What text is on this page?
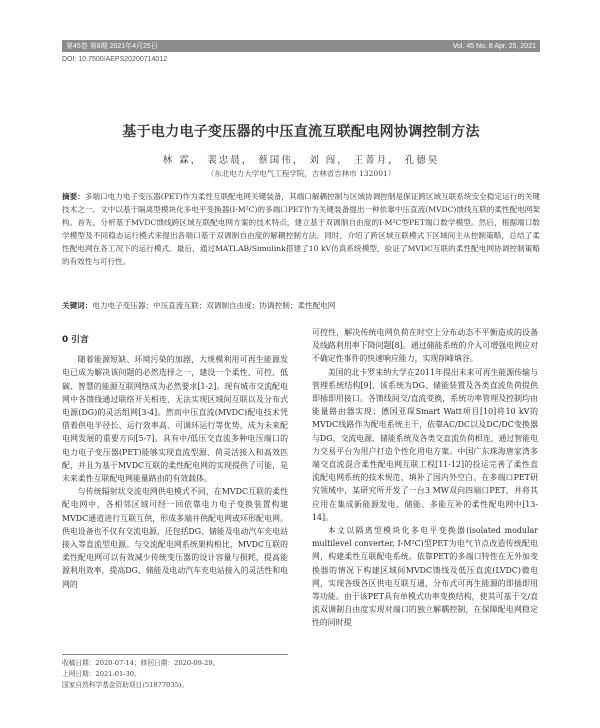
第45卷 第8期 2021年4月25日	Vol. 45 No. 8 Apr. 25, 2021
DOI: 10.7500/AEPS20200714012
基于电力电子变压器的中压直流互联配电网协调控制方法
林 霖， 裴忠晨， 蔡国伟， 刘 闯， 王菁月， 孔德昊
（东北电力大学电气工程学院，吉林省吉林市 132001）
摘要：多端口电力电子变压器(PET)作为柔性互联配电网关键装备，其端口解耦控制与区域协调控制是保证跨区域互联系统安全稳定运行的关键技术之一。文中以基于隔离型模块化多电平变换器(I-M²C)的多端口PET作为关键装备提出一种依靠中压直流(MVDC)馈线互联的柔性配电网架构。首先，分析基于MVDC馈线跨区域互联配电网方案的技术特点，建立基于双调制自由度的I-M²C型PET端口数学模型。然后，根据端口数学模型及不同稳态运行模式来提出各端口基于双调制自由度的解耦控制方法。同时，介绍了跨区域互联模式下区域间主从控制策略，总结了柔性配电网在各工况下的运行模式。最后，通过MATLAB/Simulink搭建了10 kV仿真系统模型，验证了MVDC互联的柔性配电网协调控制策略的有效性与可行性。
关键词：电力电子变压器；中压直流互联；双调制自由度；协调控制；柔性配电网
0 引言

随着能源短缺、环境污染的加剧，大规模利用可再生能源发电已成为解决该问题的必然选择之一，建设一个柔性、可控、低碳、智慧的能源互联网络成为必然要求[1-2]。现有城市交流配电网中各馈线通过联络开关相连，无法实现区域间互联以及分布式电源(DG)的灵活组网[3-4]。然而中压直流(MVDC)配电技术凭借着供电半径长、运行效率高、可调环运行等优势，成为未来配电网发展的重要方向[5-7]。具有中/低压交直流多种电压端口的电力电子变压器(PET)能够实现直流型源、荷灵活接入和高效匹配，并且为基于MVDC互联的柔性配电网的实现提供了可能，是未来柔性互联配电网能量路由的有效载体。

与传统辐射状交流电网供电模式不同，在MVDC互联的柔性配电网中，各相邻区域可经一回依靠电力电子变换装置构建MVDC通道进行互联互供，形成多端并供配电网或环形配电网。供电设备也不仅有交流电源，还包括DG、储能及电动汽车充电站接入等直流型电源。与交流配电网系统架构相比，MVDC互联的柔性配电网可以有效减少传统变压器的设计容量与损耗，提高能源利用效率，提高DG、储能及电动汽车充电站接入的灵活性和电网的

可控性，解决传统电网负荷在时空上分布动态不平衡造成的设备及线路利用率下降问题[8]。通过储能系统的介入可增强电网应对不确定性事件的快速响应能力，实现削峰填谷。

美国的北卡罗来纳大学在2011年提出未来可再生能源传输与管理系统结构[9]，该系统为DG、储能装置及各类直流负荷提供即插即用接口。各馈线间交/直流变换，系统功率管理及控制均由能量路由器实现；德国亚琛Smart Watt项目[10]将10 kV的MVDC线路作为配电系统主干，依靠AC/DC以及DC/DC变换器与DG、交流电源、储能系统及各类交直流负荷相连，通过智能电力交易平台为用户打造个性化用电方案。中国广东珠海唐家湾多端交直流混合柔性配电网互联工程[11-12]的投运完善了柔性直流配电网系统的技术规范，填补了国内外空白。在多端口PET研究领域中，某研究所开发了一台3 MW双向四端口PET，并将其应用在集成新能源发电、储能、多能互补的柔性配电网中[13-14]。

本文以隔离型模块化多电平变换器(isolated modular multilevel converter, I-M²C)型PET为电气节点改造传统配电网，构建柔性互联配电系统。依靠PET的多端口特性在无外加变换器的情况下构建区域间MVDC馈线及低压直流(LVDC)微电网，实现各级各区供电互联互通，分布式可再生能源的即插即用等功能。由于该PET具有单模式功率变换结构，使其可基于交/直流双调制自由度实现对端口的独立解耦控制，在保障配电网稳定性的同时提

收稿日期：2020-07-14；修回日期：2020-09-29。
上网日期：2021-01-30。
国家自然科学基金资助项目(51877035)。
